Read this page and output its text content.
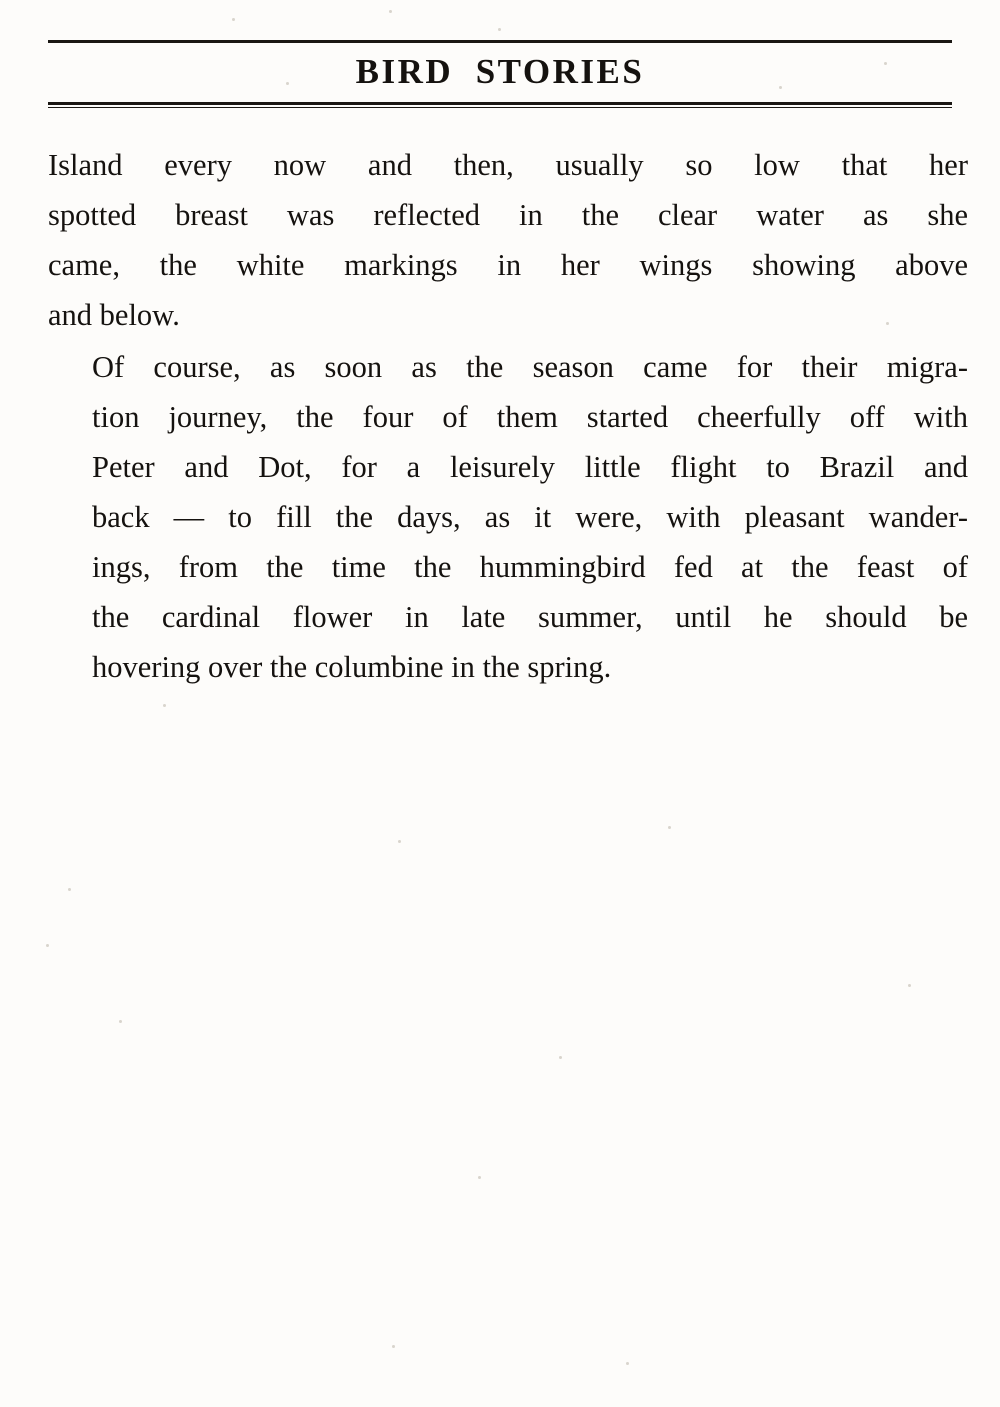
BIRD  STORIES

Island every now and then, usually so low that her
spotted breast was reflected in the clear water as she
came, the white markings in her wings showing above
and below.

Of course, as soon as the season came for their migra-
tion journey, the four of them started cheerfully off with
Peter and Dot, for a leisurely little flight to Brazil and
back — to fill the days, as it were, with pleasant wander-
ings, from the time the hummingbird fed at the feast of
the cardinal flower in late summer, until he should be
hovering over the columbine in the spring.
